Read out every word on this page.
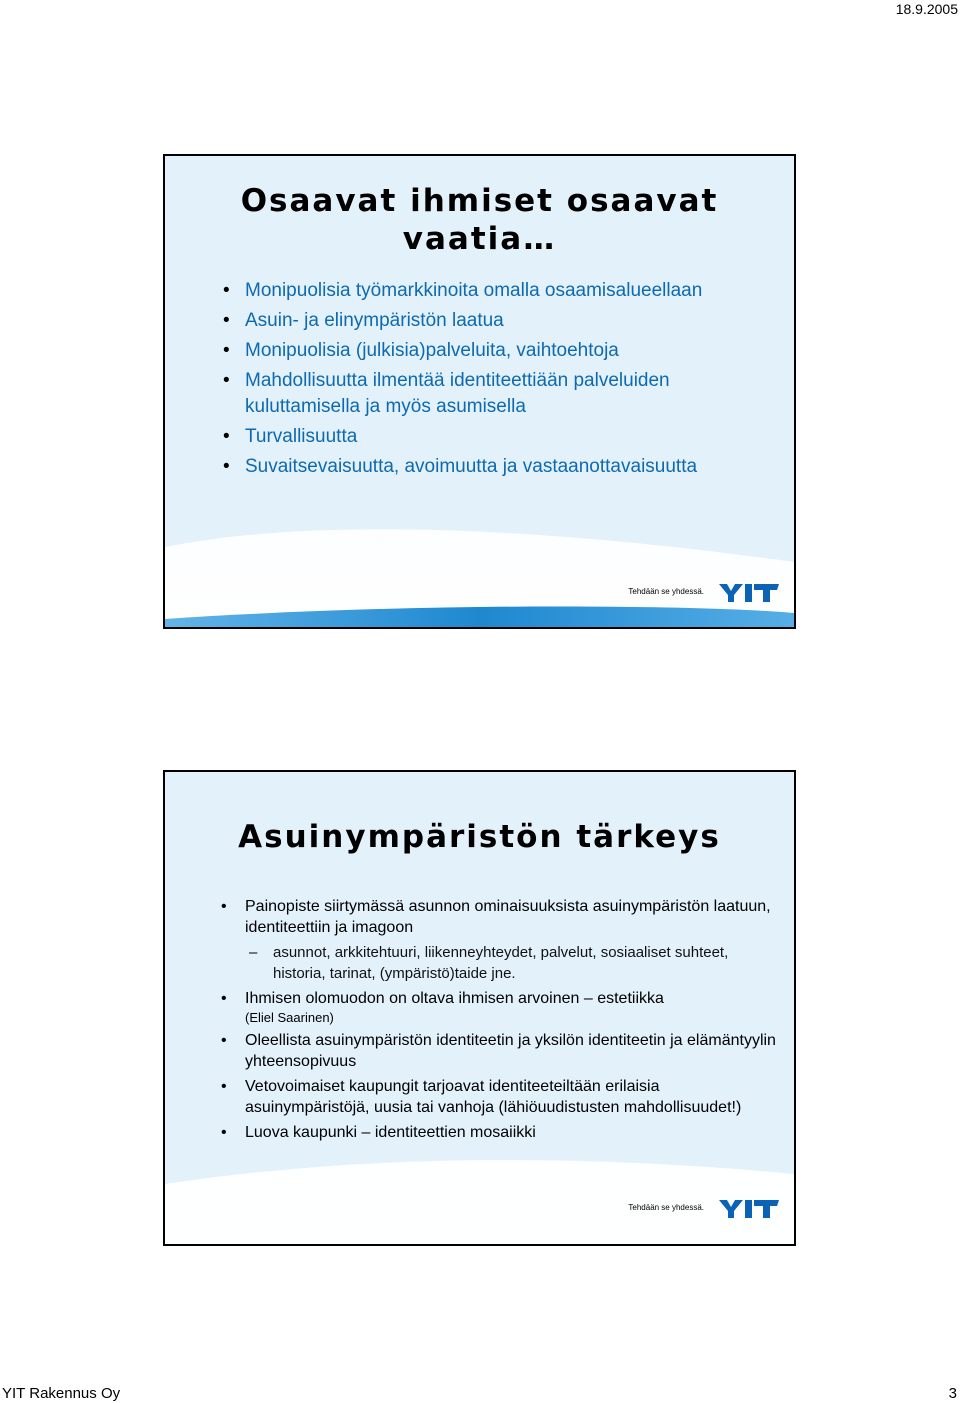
18.9.2005
Osaavat ihmiset osaavat
vaatia…
• Monipuolisia työmarkkinoita omalla osaamisalueellaan
• Asuin- ja elinympäristön laatua
• Monipuolisia (julkisia)palveluita, vaihtoehtoja
• Mahdollisuutta ilmentää identiteettiään palveluiden kuluttamisella ja myös asumisella
• Turvallisuutta
• Suvaitsevaisuutta, avoimuutta ja vastaanottavaisuutta
Tehdään se yhdessä.
Asuinympäristön tärkeys
• Painopiste siirtymässä asunnon ominaisuuksista asuinympäristön laatuun, identiteettiin ja imagoon
– asunnot, arkkitehtuuri, liikenneyhteydet, palvelut, sosiaaliset suhteet, historia, tarinat, (ympäristö)taide jne.
• Ihmisen olomuodon on oltava ihmisen arvoinen – estetiikka
(Eliel Saarinen)
• Oleellista asuinympäristön identiteetin ja yksilön identiteetin ja elämäntyylin yhteensopivuus
• Vetovoimaiset kaupungit tarjoavat identiteeteiltään erilaisia asuinympäristöjä, uusia tai vanhoja (lähiöuudistusten mahdollisuudet!)
• Luova kaupunki – identiteettien mosaiikki
Tehdään se yhdessä.
YIT Rakennus Oy	3
